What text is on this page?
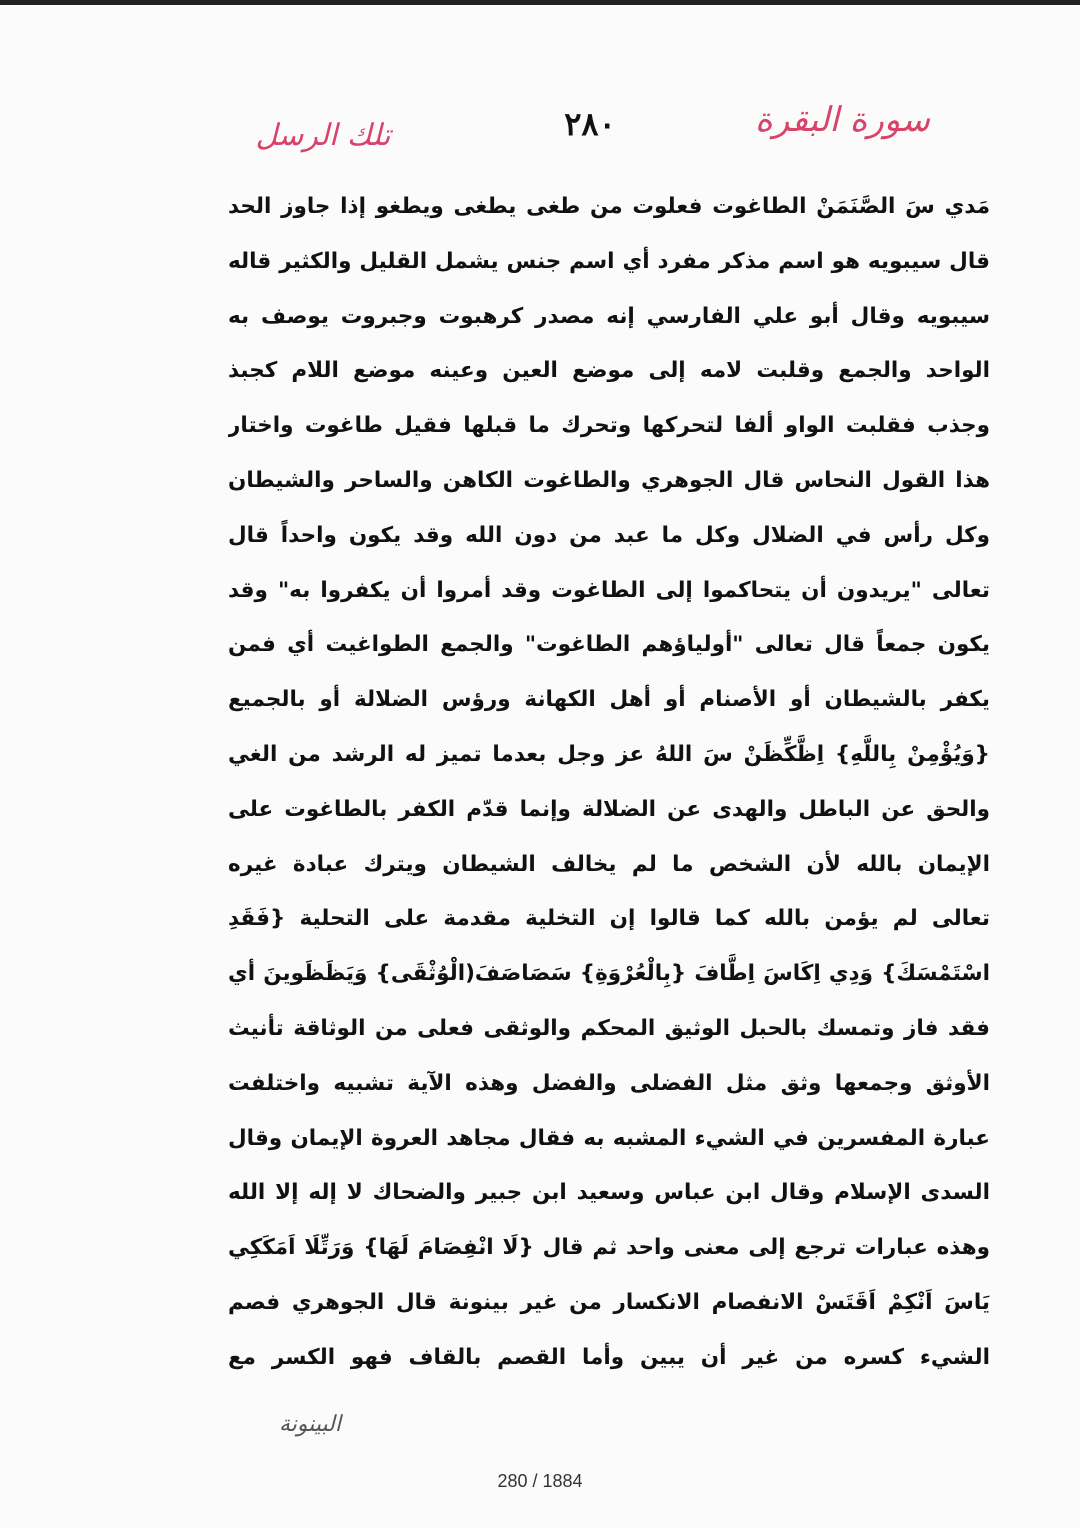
تلك الرسل	٢٨٠	سورة البقرة
مَدي سَ الصَّنَمَنْ الطاغوت فعلوت من طغى يطغى ويطغو إذا جاوز الحد
قال سيبويه هو اسم مذكر مفرد أي اسم جنس يشمل القليل والكثير قاله
سيبويه وقال أبو علي الفارسي إنه مصدر كرهبوت وجبروت يوصف به
الواحد والجمع وقلبت لامه إلى موضع العين وعينه موضع اللام كجبذ
وجذب فقلبت الواو ألفا لتحركها وتحرك ما قبلها فقيل طاغوت واختار
هذا القول النحاس قال الجوهري والطاغوت الكاهن والساحر والشيطان
وكل رأس في الضلال وكل ما عبد من دون الله وقد يكون واحداً قال
تعالى "يريدون أن يتحاكموا إلى الطاغوت وقد أمروا أن يكفروا به" وقد
يكون جمعاً قال تعالى "أولياؤهم الطاغوت" والجمع الطواغيت أي فمن
يكفر بالشيطان أو الأصنام أو أهل الكهانة ورؤس الضلالة أو بالجميع
{وَيُؤْمِنْ بِاللَّهِ} اِظَّكِّظَنْ سَ اللهُ عز وجل بعدما تميز له الرشد من الغي
والحق عن الباطل والهدى عن الضلالة وإنما قدّم الكفر بالطاغوت على
الإيمان بالله لأن الشخص ما لم يخالف الشيطان ويترك عبادة غيره
تعالى لم يؤمن بالله كما قالوا إن التخلية مقدمة على التحلية {فَقَدِ
اسْتَمْسَكَ} وَدِي اِكَاسَ اِطَّافَ {بِالْعُرْوَةِ} سَصَاصَفَ(الْوُثْقَى} وَيَظَظَوينَ أي
فقد فاز وتمسك بالحبل الوثيق المحكم والوثقى فعلى من الوثاقة تأنيث
الأوثق وجمعها وثق مثل الفضلى والفضل وهذه الآية تشبيه واختلفت
عبارة المفسرين في الشيء المشبه به فقال مجاهد العروة الإيمان وقال
السدى الإسلام وقال ابن عباس وسعيد ابن جبير والضحاك لا إله إلا الله
وهذه عبارات ترجع إلى معنى واحد ثم قال {لَا انْفِصَامَ لَهَا} وَرَتِّلَا اَمَكَكِي
يَاسَ اَنْكِمْ اَقَتَسْ الانفصام الانكسار من غير بينونة قال الجوهري فصم
الشيء كسره من غير أن يبين وأما القصم بالقاف فهو الكسر مع
البينونة
280 / 1884
